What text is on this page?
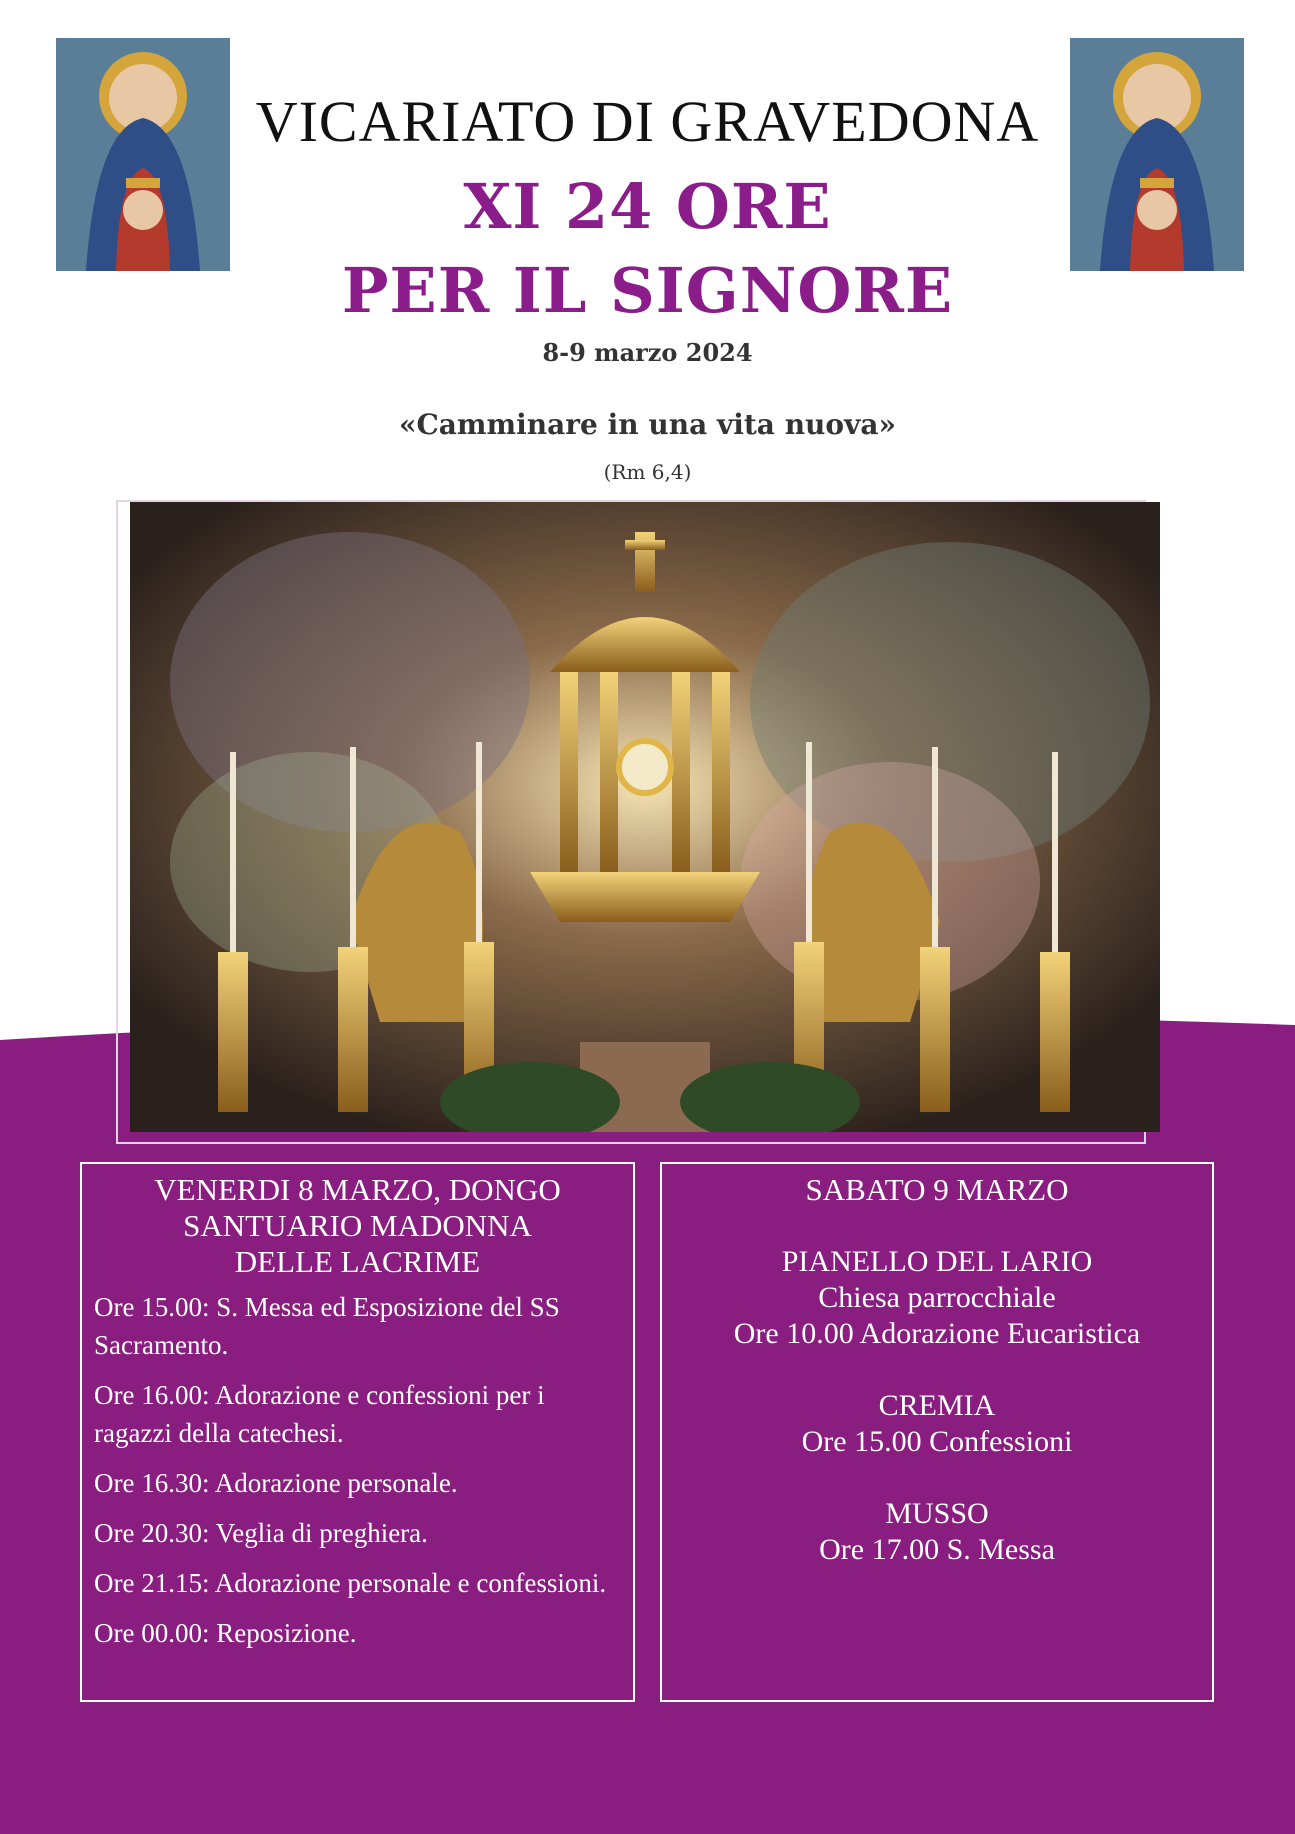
VICARIATO DI GRAVEDONA
XI 24 ORE
PER IL SIGNORE
8-9 marzo 2024
«Camminare in una vita nuova»
(Rm 6,4)
VENERDI 8 MARZO, DONGO
SANTUARIO MADONNA
DELLE LACRIME
Ore 15.00: S. Messa ed Esposizione del SS Sacramento.
Ore 16.00: Adorazione e confessioni per i ragazzi della catechesi.
Ore 16.30: Adorazione personale.
Ore 20.30: Veglia di preghiera.
Ore 21.15: Adorazione personale e confessioni.
Ore 00.00: Reposizione.
SABATO 9 MARZO
PIANELLO DEL LARIO
Chiesa parrocchiale
Ore 10.00 Adorazione Eucaristica
CREMIA
Ore 15.00 Confessioni
MUSSO
Ore 17.00 S. Messa
